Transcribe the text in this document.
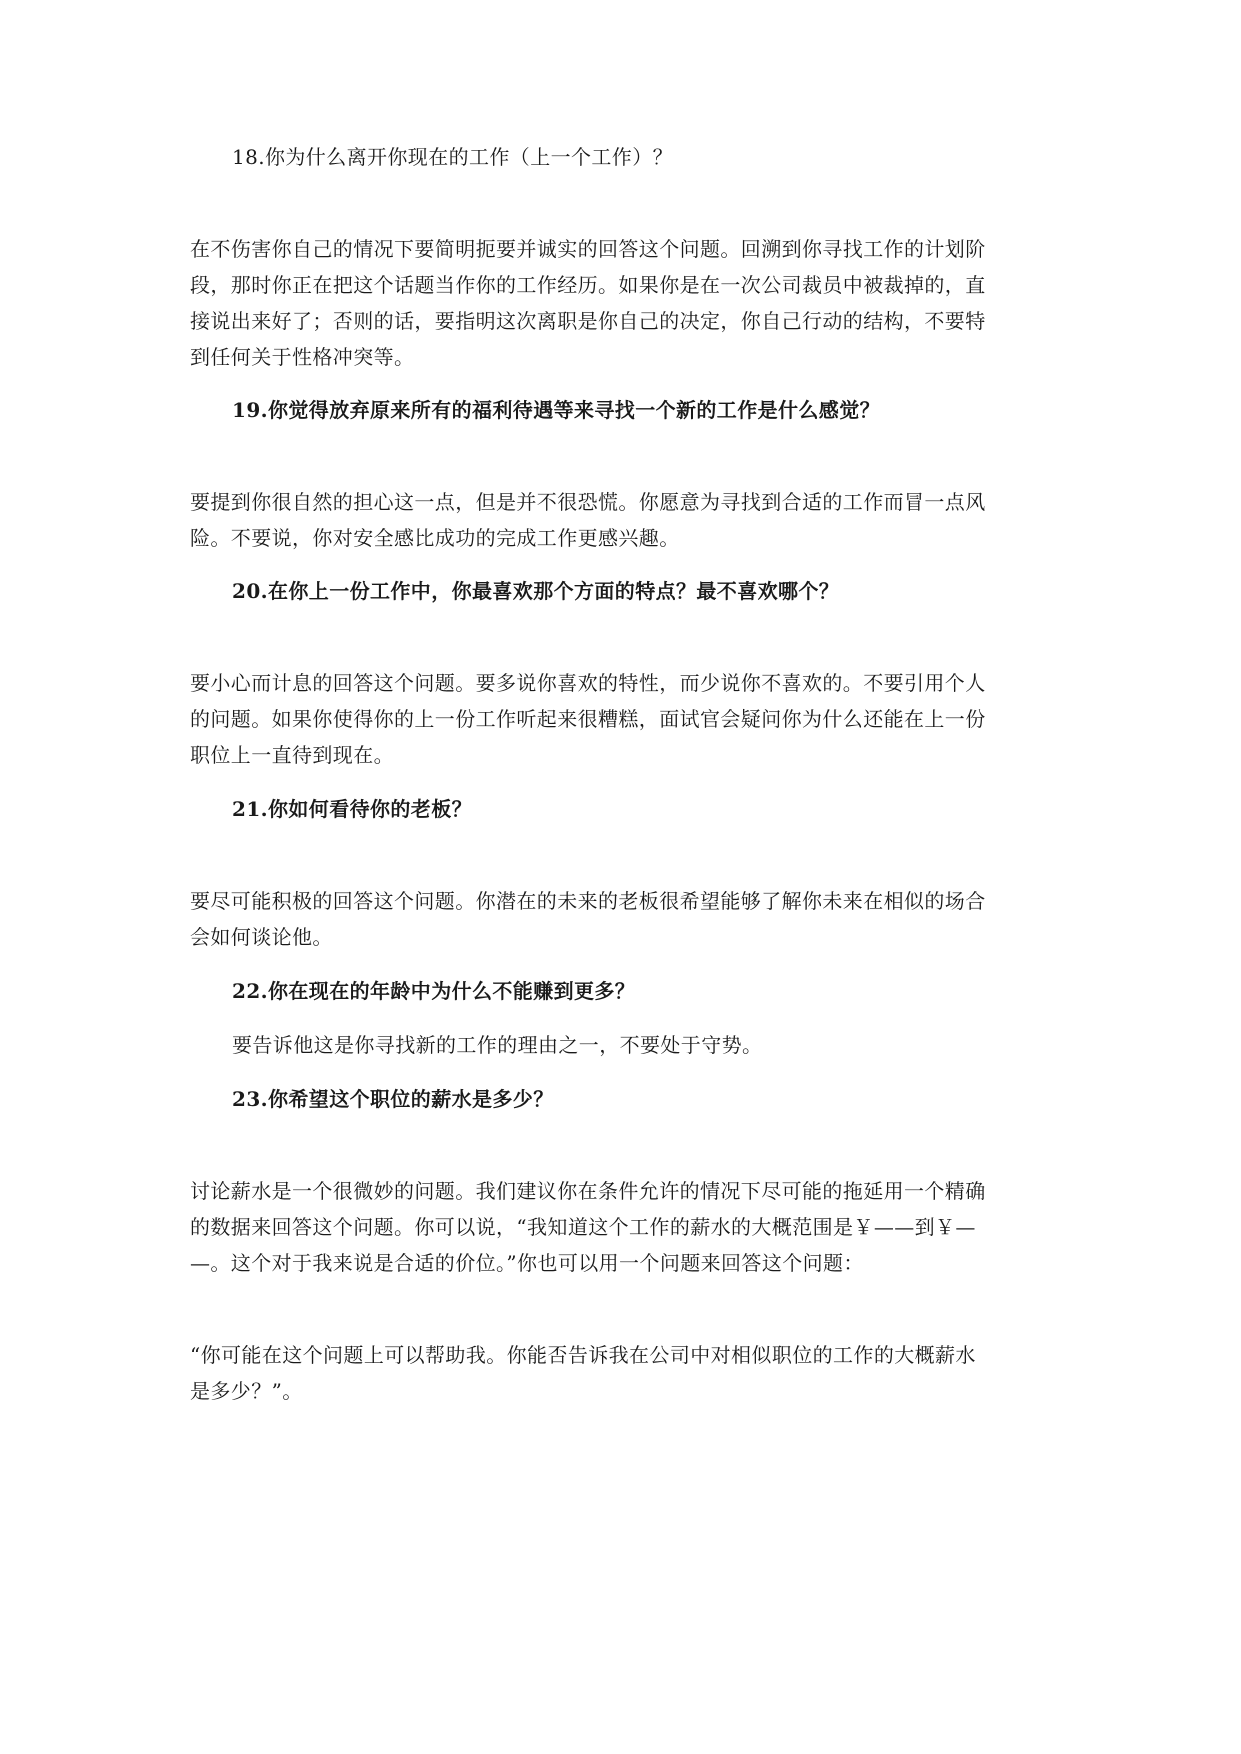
18.你为什么离开你现在的工作（上一个工作）？
在不伤害你自己的情况下要简明扼要并诚实的回答这个问题。回溯到你寻找工作的计划阶
段，那时你正在把这个话题当作你的工作经历。如果你是在一次公司裁员中被裁掉的，直
接说出来好了；否则的话，要指明这次离职是你自己的决定，你自己行动的结构，不要特
到任何关于性格冲突等。
19.你觉得放弃原来所有的福利待遇等来寻找一个新的工作是什么感觉？
要提到你很自然的担心这一点，但是并不很恐慌。你愿意为寻找到合适的工作而冒一点风
险。不要说，你对安全感比成功的完成工作更感兴趣。
20.在你上一份工作中，你最喜欢那个方面的特点？最不喜欢哪个？
要小心而计息的回答这个问题。要多说你喜欢的特性，而少说你不喜欢的。不要引用个人
的问题。如果你使得你的上一份工作听起来很糟糕，面试官会疑问你为什么还能在上一份
职位上一直待到现在。
21.你如何看待你的老板？
要尽可能积极的回答这个问题。你潜在的未来的老板很希望能够了解你未来在相似的场合
会如何谈论他。
22.你在现在的年龄中为什么不能赚到更多？
要告诉他这是你寻找新的工作的理由之一，不要处于守势。
23.你希望这个职位的薪水是多少？
讨论薪水是一个很微妙的问题。我们建议你在条件允许的情况下尽可能的拖延用一个精确
的数据来回答这个问题。你可以说，“我知道这个工作的薪水的大概范围是￥——到￥—
—。这个对于我来说是合适的价位。”你也可以用一个问题来回答这个问题：
“你可能在这个问题上可以帮助我。你能否告诉我在公司中对相似职位的工作的大概薪水
是多少？”。
